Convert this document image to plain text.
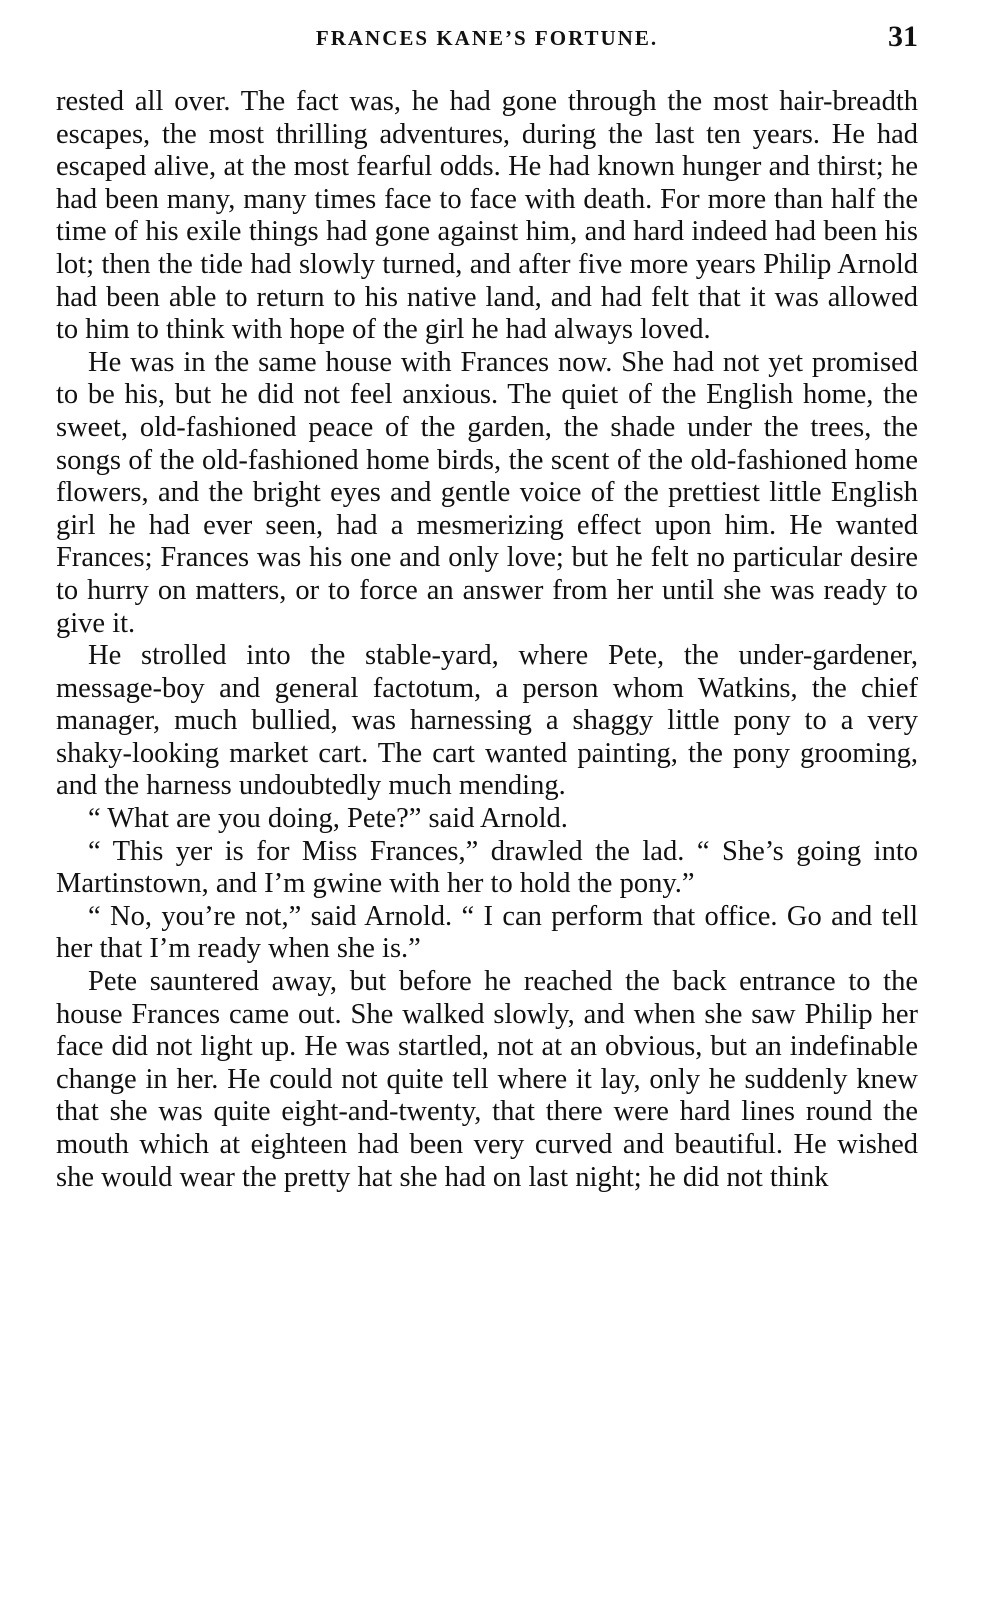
FRANCES KANE’S FORTUNE.	31

rested all over. The fact was, he had gone through the most hair-breadth escapes, the most thrilling adventures, during the last ten years. He had escaped alive, at the most fearful odds. He had known hunger and thirst; he had been many, many times face to face with death. For more than half the time of his exile things had gone against him, and hard indeed had been his lot; then the tide had slowly turned, and after five more years Philip Arnold had been able to return to his native land, and had felt that it was allowed to him to think with hope of the girl he had always loved.

He was in the same house with Frances now. She had not yet promised to be his, but he did not feel anxious. The quiet of the English home, the sweet, old-fashioned peace of the garden, the shade under the trees, the songs of the old-fashioned home birds, the scent of the old-fashioned home flowers, and the bright eyes and gentle voice of the prettiest little English girl he had ever seen, had a mesmerizing effect upon him. He wanted Frances; Frances was his one and only love; but he felt no particular desire to hurry on matters, or to force an answer from her until she was ready to give it.

He strolled into the stable-yard, where Pete, the under-gardener, message-boy and general factotum, a person whom Watkins, the chief manager, much bullied, was harnessing a shaggy little pony to a very shaky-looking market cart. The cart wanted painting, the pony grooming, and the harness undoubtedly much mending.

“ What are you doing, Pete?” said Arnold.

“ This yer is for Miss Frances,” drawled the lad. “ She’s going into Martinstown, and I’m gwine with her to hold the pony.”

“ No, you’re not,” said Arnold. “ I can perform that office. Go and tell her that I’m ready when she is.”

Pete sauntered away, but before he reached the back entrance to the house Frances came out. She walked slowly, and when she saw Philip her face did not light up. He was startled, not at an obvious, but an indefinable change in her. He could not quite tell where it lay, only he suddenly knew that she was quite eight-and-twenty, that there were hard lines round the mouth which at eighteen had been very curved and beautiful. He wished she would wear the pretty hat she had on last night; he did not think
